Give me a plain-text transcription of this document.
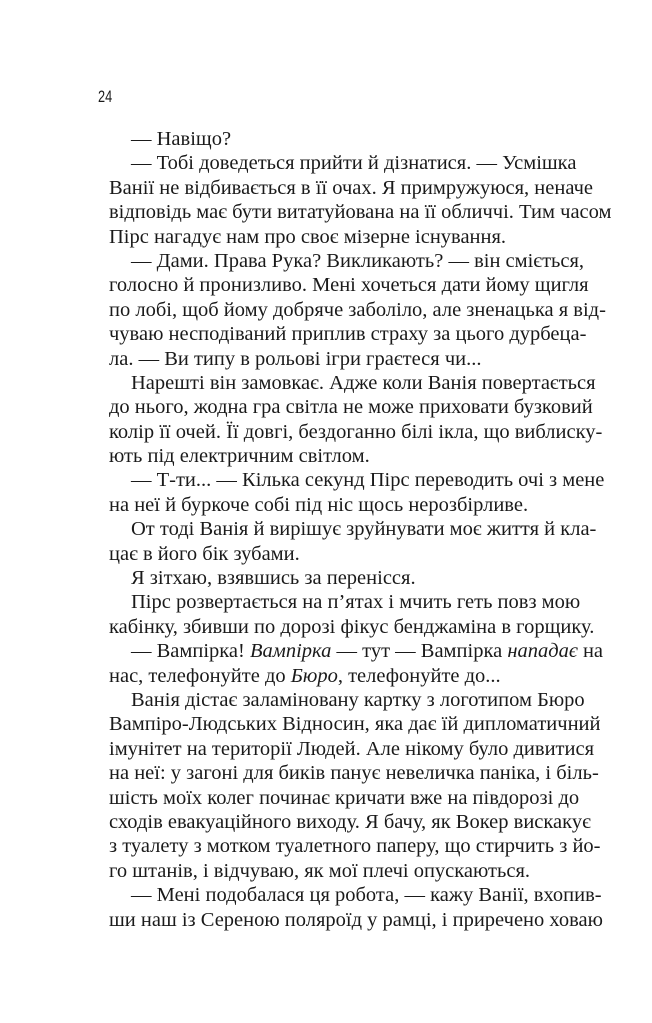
24
— Навіщо?
— Тобі доведеться прийти й дізнатися. — Усмішка
Ванії не відбивається в її очах. Я примружуюся, неначе
відповідь має бути витатуйована на її обличчі. Тим часом
Пірс нагадує нам про своє мізерне існування.
— Дами. Права Рука? Викликають? — він сміється,
голосно й пронизливо. Мені хочеться дати йому щигля
по лобі, щоб йому добряче заболіло, але зненацька я від-
чуваю несподіваний приплив страху за цього дурбеца-
ла. — Ви типу в рольові ігри граєтеся чи...
Нарешті він замовкає. Адже коли Ванія повертається
до нього, жодна гра світла не може приховати бузковий
колір її очей. Її довгі, бездоганно білі ікла, що виблиску-
ють під електричним світлом.
— Т-ти... — Кілька секунд Пірс переводить очі з мене
на неї й буркоче собі під ніс щось нерозбірливе.
От тоді Ванія й вирішує зруйнувати моє життя й кла-
цає в його бік зубами.
Я зітхаю, взявшись за перенісся.
Пірс розвертається на п’ятах і мчить геть повз мою
кабінку, збивши по дорозі фікус бенджаміна в горщику.
— Вампірка! Вампірка — тут — Вампірка нападає на
нас, телефонуйте до Бюро, телефонуйте до...
Ванія дістає заламіновану картку з логотипом Бюро
Вампіро-Людських Відносин, яка дає їй дипломатичний
імунітет на території Людей. Але нікому було дивитися
на неї: у загоні для биків панує невеличка паніка, і біль-
шість моїх колег починає кричати вже на півдорозі до
сходів евакуаційного виходу. Я бачу, як Вокер вискакує
з туалету з мотком туалетного паперу, що стирчить з йо-
го штанів, і відчуваю, як мої плечі опускаються.
— Мені подобалася ця робота, — кажу Ванії, вхопив-
ши наш із Сереною поляроїд у рамці, і приречено ховаю
